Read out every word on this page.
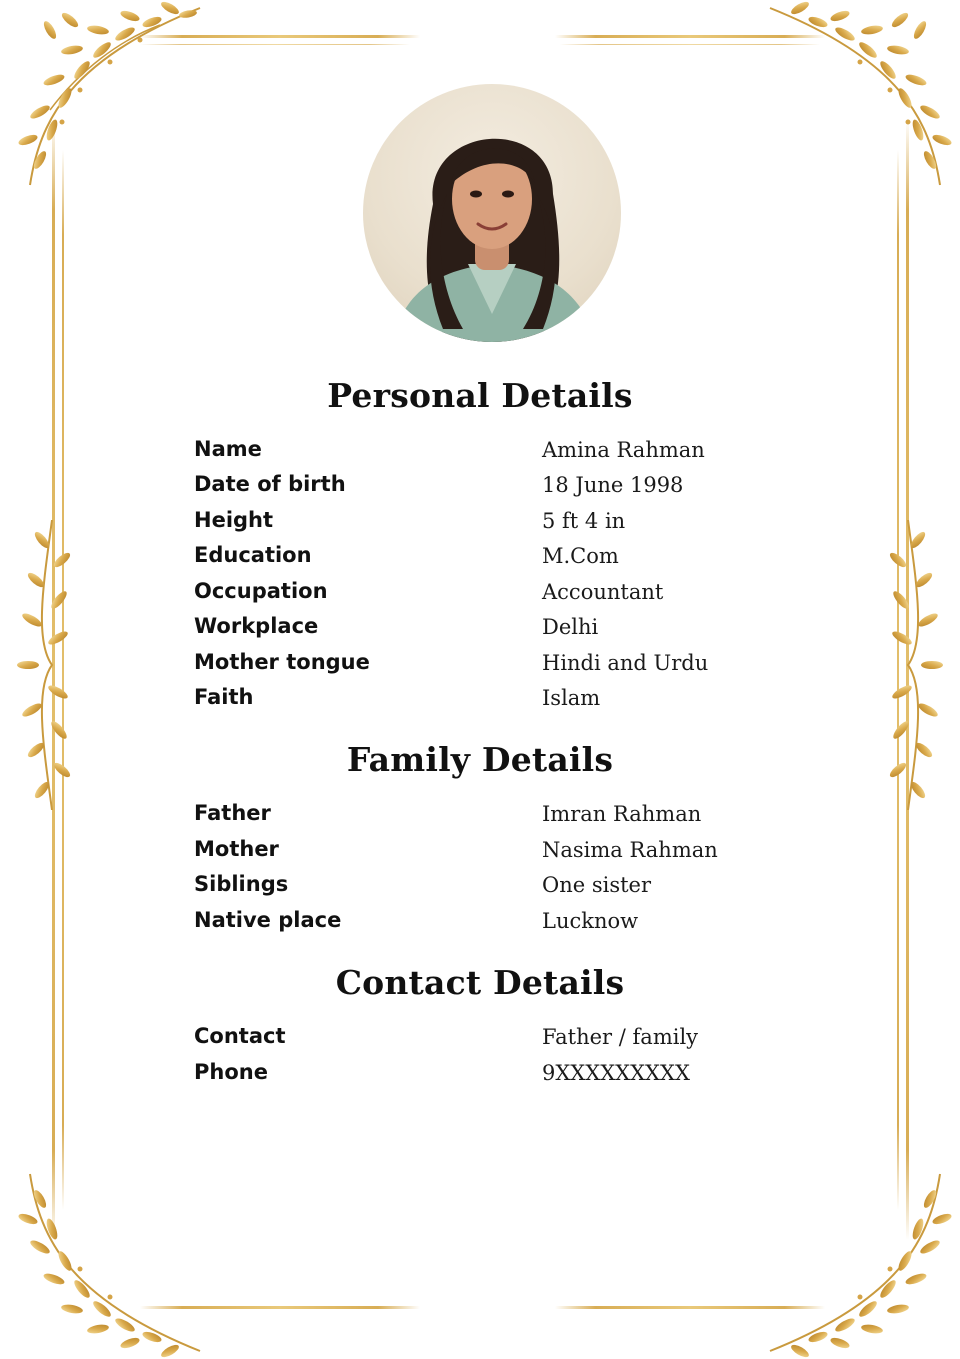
Personal Details
Name	Amina Rahman
Date of birth	18 June 1998
Height	5 ft 4 in
Education	M.Com
Occupation	Accountant
Workplace	Delhi
Mother tongue	Hindi and Urdu
Faith	Islam
Family Details
Father	Imran Rahman
Mother	Nasima Rahman
Siblings	One sister
Native place	Lucknow
Contact Details
Contact	Father / family
Phone	9XXXXXXXXX
